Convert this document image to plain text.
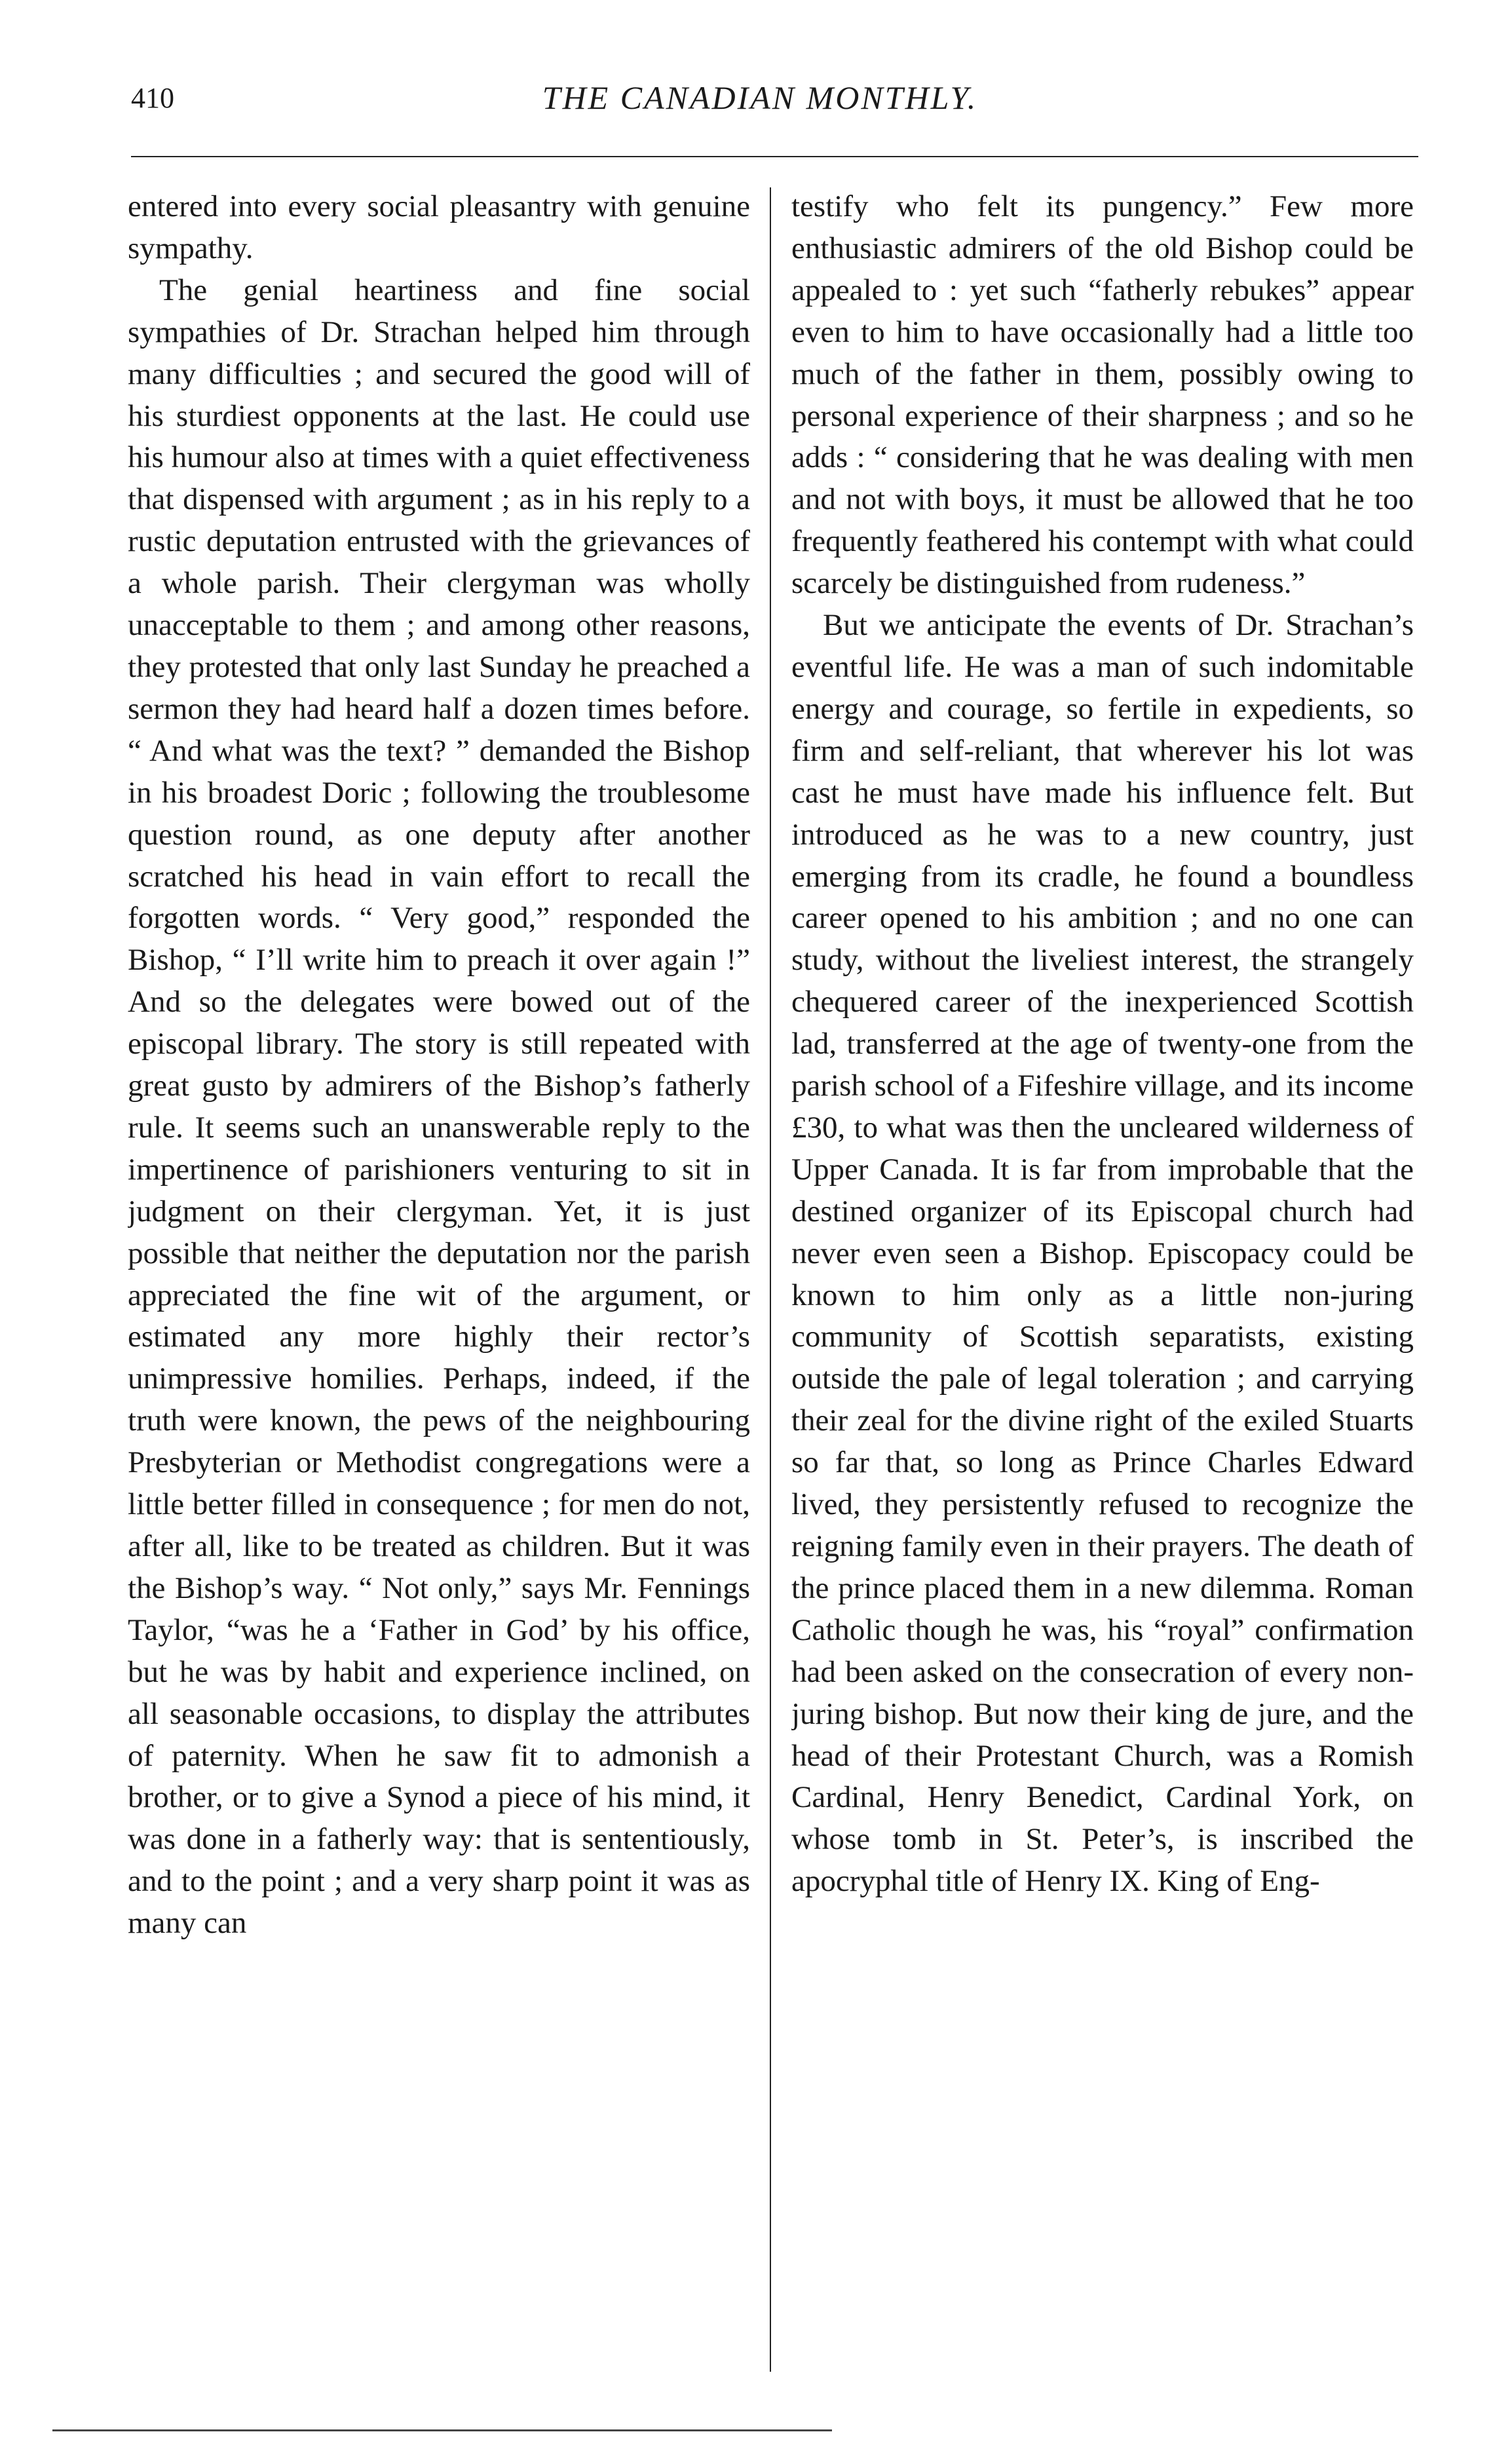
410	THE CANADIAN MONTHLY.

entered into every social pleasantry with genuine sympathy.

The genial heartiness and fine social sympathies of Dr. Strachan helped him through many difficulties ; and secured the good will of his sturdiest opponents at the last. He could use his humour also at times with a quiet effectiveness that dispensed with argument ; as in his reply to a rustic deputation entrusted with the grievances of a whole parish. Their clergyman was wholly unacceptable to them ; and among other reasons, they protested that only last Sunday he preached a sermon they had heard half a dozen times before. “ And what was the text? ” demanded the Bishop in his broadest Doric ; following the troublesome question round, as one deputy after another scratched his head in vain effort to recall the forgotten words. “ Very good,” responded the Bishop, “ I’ll write him to preach it over again !” And so the delegates were bowed out of the episcopal library. The story is still repeated with great gusto by admirers of the Bishop’s fatherly rule. It seems such an unanswerable reply to the impertinence of parishioners venturing to sit in judgment on their clergyman. Yet, it is just possible that neither the deputation nor the parish appreciated the fine wit of the argument, or estimated any more highly their rector’s unimpressive homilies. Perhaps, indeed, if the truth were known, the pews of the neighbouring Presbyterian or Methodist congregations were a little better filled in consequence ; for men do not, after all, like to be treated as children. But it was the Bishop’s way. “ Not only,” says Mr. Fennings Taylor, “was he a ‘Father in God’ by his office, but he was by habit and experience inclined, on all seasonable occasions, to display the attributes of paternity. When he saw fit to admonish a brother, or to give a Synod a piece of his mind, it was done in a fatherly way: that is sententiously, and to the point ; and a very sharp point it was as many can

testify who felt its pungency.” Few more enthusiastic admirers of the old Bishop could be appealed to : yet such “fatherly rebukes” appear even to him to have occasionally had a little too much of the father in them, possibly owing to personal experience of their sharpness ; and so he adds : “ considering that he was dealing with men and not with boys, it must be allowed that he too frequently feathered his contempt with what could scarcely be distinguished from rudeness.”

But we anticipate the events of Dr. Strachan’s eventful life. He was a man of such indomitable energy and courage, so fertile in expedients, so firm and self-reliant, that wherever his lot was cast he must have made his influence felt. But introduced as he was to a new country, just emerging from its cradle, he found a boundless career opened to his ambition ; and no one can study, without the liveliest interest, the strangely chequered career of the inexperienced Scottish lad, transferred at the age of twenty-one from the parish school of a Fifeshire village, and its income £30, to what was then the uncleared wilderness of Upper Canada. It is far from improbable that the destined organizer of its Episcopal church had never even seen a Bishop. Episcopacy could be known to him only as a little non-juring community of Scottish separatists, existing outside the pale of legal toleration ; and carrying their zeal for the divine right of the exiled Stuarts so far that, so long as Prince Charles Edward lived, they persistently refused to recognize the reigning family even in their prayers. The death of the prince placed them in a new dilemma. Roman Catholic though he was, his “royal” confirmation had been asked on the consecration of every non-juring bishop. But now their king de jure, and the head of their Protestant Church, was a Romish Cardinal, Henry Benedict, Cardinal York, on whose tomb in St. Peter’s, is inscribed the apocryphal title of Henry IX. King of Eng-
